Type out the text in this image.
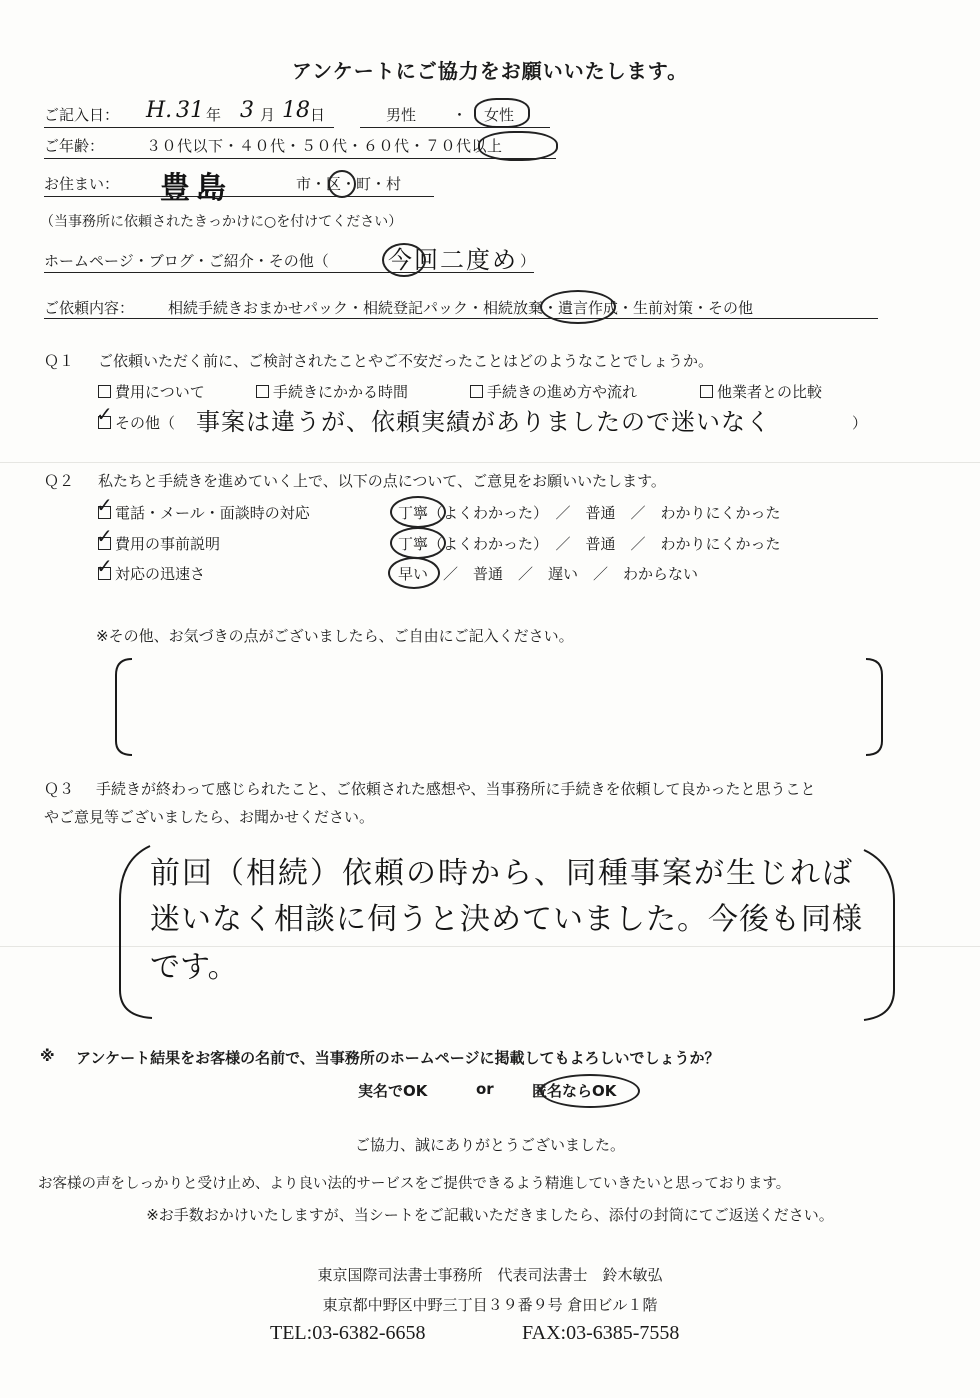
アンケートにご協力をお願いいたします。
ご記入日： H. 31 年 3 月 18 日	男性 ・ 女性
ご年齢：	３０代以下・４０代・５０代・６０代・７０代以上
お住まい： 豊島	市・区・町・村
（当事務所に依頼されたきっかけに○を付けてください）
ホームページ・ブログ・ご紹介・その他（ 今回二度め ）
ご依頼内容： 相続手続きおまかせパック・相続登記パック・相続放棄・遺言作成・生前対策・その他
Ｑ１ ご依頼いただく前に、ご検討されたことやご不安だったことはどのようなことでしょうか。
費用について	手続きにかかる時間	手続きの進め方や流れ	他業者との比較
その他（
✓	事案は違うが、依頼実績がありましたので迷いなく	）
Ｑ２ 私たちと手続きを進めていく上で、以下の点について、ご意見をお願いいたします。
電話・メール・面談時の対応
✓	丁寧（よくわかった）　／　普通　／　わかりにくかった
費用の事前説明
✓	丁寧（よくわかった）　／　普通　／　わかりにくかった
対応の迅速さ
✓	早い　／　普通　／　遅い　／　わからない
※その他、お気づきの点がございましたら、ご自由にご記入ください。
Ｑ３ 手続きが終わって感じられたこと、ご依頼された感想や、当事務所に手続きを依頼して良かったと思うこと
やご意見等ございましたら、お聞かせください。
前回（相続）依頼の時から、同種事案が生じれば
迷いなく相談に伺うと決めていました。今後も同様
です。
※ アンケート結果をお客様の名前で、当事務所のホームページに掲載してもよろしいでしょうか？
実名でOK	or	匿名ならOK
ご協力、誠にありがとうございました。
お客様の声をしっかりと受け止め、より良い法的サービスをご提供できるよう精進していきたいと思っております。
※お手数おかけいたしますが、当シートをご記載いただきましたら、添付の封筒にてご返送ください。
東京国際司法書士事務所　代表司法書士　鈴木敏弘
東京都中野区中野三丁目３９番９号 倉田ビル１階
TEL:03-6382-6658	FAX:03-6385-7558
